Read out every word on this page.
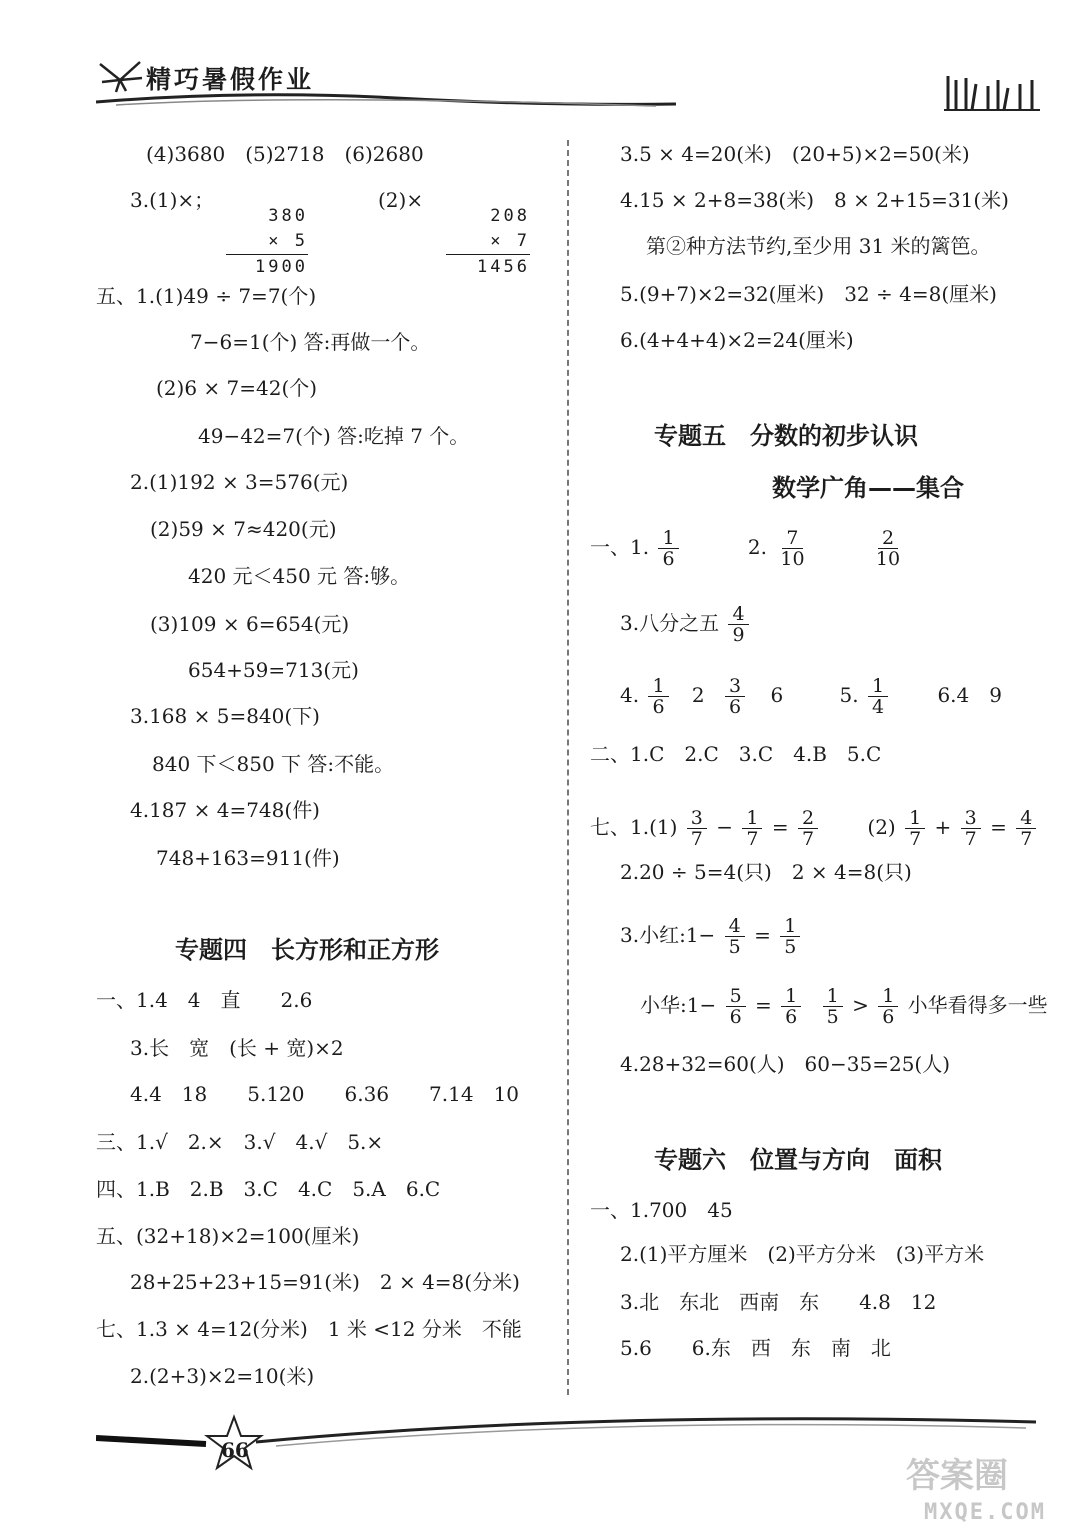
精巧暑假作业
(4)3680　(5)2718　(6)2680
3.(1)×；	(2)×
380
× 5
1900
208
× 7
1456
五、1.(1)49 ÷ 7=7(个)
7−6=1(个) 答:再做一个。
(2)6 × 7=42(个)
49−42=7(个) 答:吃掉 7 个。
2.(1)192 × 3=576(元)
(2)59 × 7≈420(元)
420 元＜450 元 答:够。
(3)109 × 6=654(元)
654+59=713(元)
3.168 × 5=840(下)
840 下＜850 下 答:不能。
4.187 × 4=748(件)
748+163=911(件)
专题四　长方形和正方形
一、1.4　4　直　　2.6
3.长　宽　(长 + 宽)×2
4.4　18　　5.120　　6.36　　7.14　10
三、1.√　2.×　3.√　4.√　5.×
四、1.B　2.B　3.C　4.C　5.A　6.C
五、(32+18)×2=100(厘米)
28+25+23+15=91(米)　2 × 4=8(分米)
七、1.3 × 4=12(分米)　1 米 <12 分米　不能
2.(2+3)×2=10(米)
3.5 × 4=20(米)　(20+5)×2=50(米)
4.15 × 2+8=38(米)　8 × 2+15=31(米)
第②种方法节约,至少用 31 米的篱笆。
5.(9+7)×2=32(厘米)　32 ÷ 4=8(厘米)
6.(4+4+4)×2=24(厘米)
专题五　分数的初步认识
数学广角——集合
一、1. $\frac{1}{6}$	2. $\frac{7}{10}$
	$\frac{2}{10}$
3.八分之五 $\frac{4}{9}$
4. $\frac{1}{6} 2 \frac{3}{6} 6$	5. $\frac{1}{4} 6.4$　9
二、1.C　2.C　3.C　4.B　5.C
七、$1.(1) \frac{3}{7} - \frac{1}{7} = \frac{2}{7} (2) \frac{1}{7} + \frac{3}{7} = \frac{4}{7}$
2.20 ÷ 5=4(只)　2 × 4=8(只)
3.小红:1− $\frac{4}{5} = \frac{1}{5}$
小华:1− $\frac{5}{6} = \frac{1}{6}$
$\frac{1}{5} > \frac{1}{6}$ 小华看得多一些
4.28+32=60(人)　60−35=25(人)
专题六　位置与方向　面积
一、1.700　45
2.(1)平方厘米　(2)平方分米　(3)平方米
3.北　东北　西南　东　　4.8　12
5.6　　6.东　西　东　南　北
66
答案圈
MXQE.COM
